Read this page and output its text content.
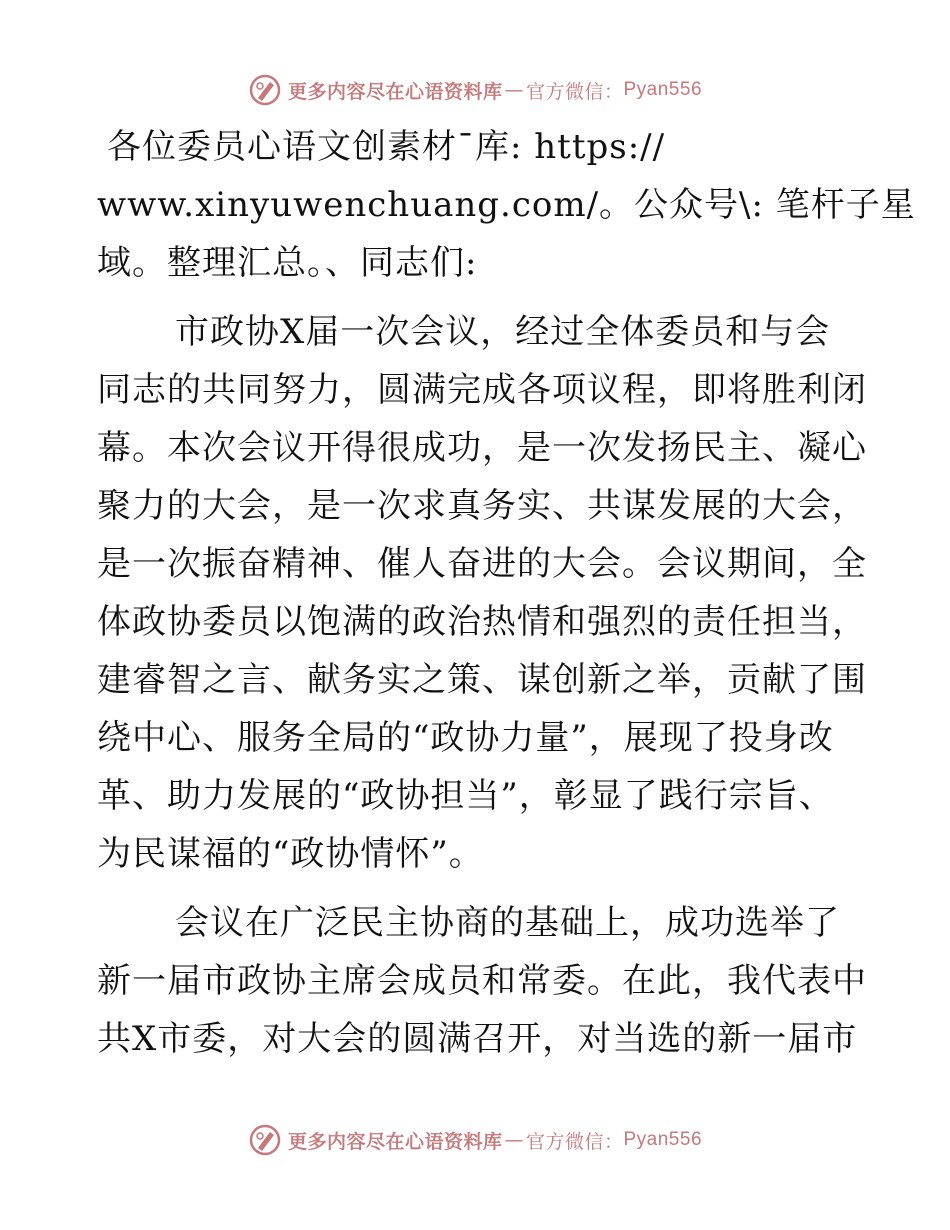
更多内容尽在心语资料库 — 官方微信： Pyan556
各位委员心语文创素材¯库: https://
www.xinyuwenchuang.com/。公众号\: 笔杆子星
域。整理汇总。、同志们:
市政协X届一次会议，经过全体委员和与会
同志的共同努力，圆满完成各项议程，即将胜利闭
幕。本次会议开得很成功，是一次发扬民主、凝心
聚力的大会，是一次求真务实、共谋发展的大会，
是一次振奋精神、催人奋进的大会。会议期间，全
体政协委员以饱满的政治热情和强烈的责任担当，
建睿智之言、献务实之策、谋创新之举，贡献了围
绕中心、服务全局的“政协力量”，展现了投身改
革、助力发展的“政协担当”，彰显了践行宗旨、
为民谋福的“政协情怀”。
会议在广泛民主协商的基础上，成功选举了
新一届市政协主席会成员和常委。在此，我代表中
共X市委，对大会的圆满召开，对当选的新一届市
更多内容尽在心语资料库 — 官方微信： Pyan556
